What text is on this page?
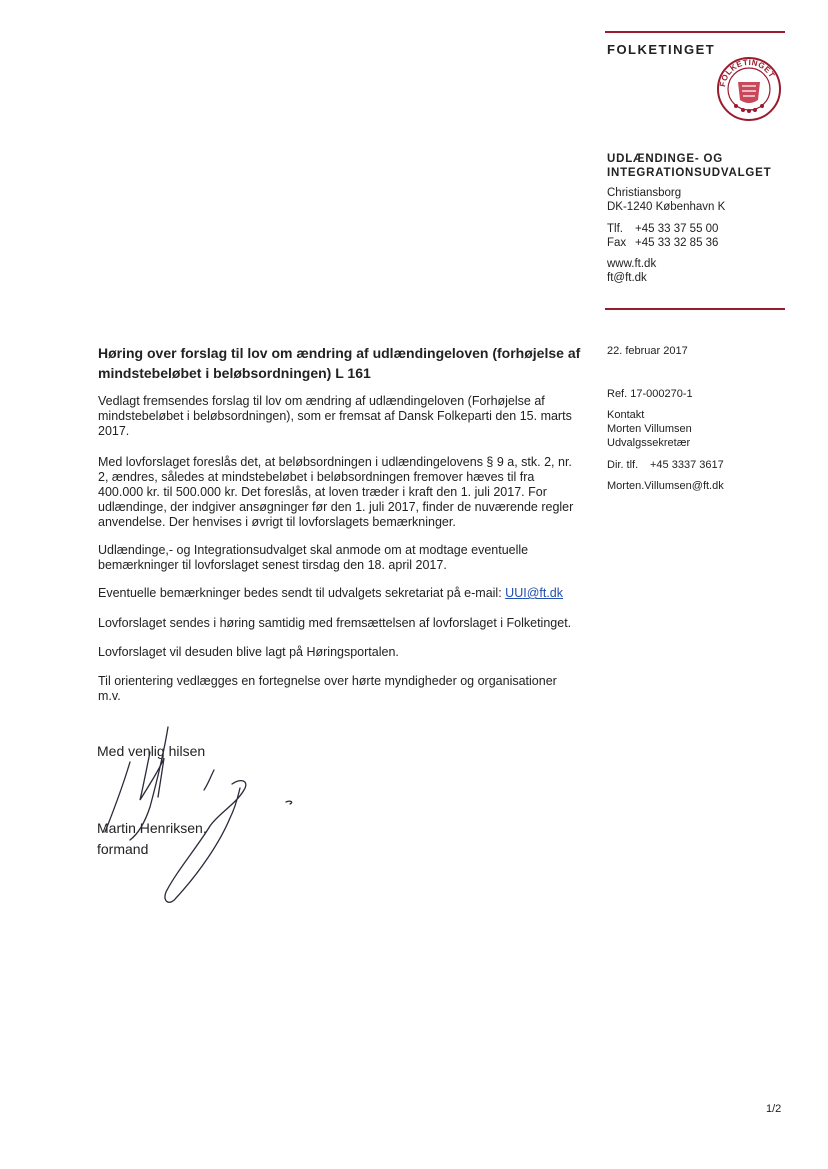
FOLKETINGET
FOLKETINGET
UDLÆNDINGE- OG
INTEGRATIONSUDVALGET
Christiansborg
DK-1240 København K
Tlf. +45 33 37 55 00
Fax +45 33 32 85 36
www.ft.dk
ft@ft.dk
22. februar 2017
Ref. 17-000270-1
Kontakt
Morten Villumsen
Udvalgssekretær
Dir. tlf. +45 3337 3617
Morten.Villumsen@ft.dk
Høring over forslag til lov om ændring af udlændingeloven (forhøjelse af mindstebeløbet i beløbsordningen) L 161

Vedlagt fremsendes forslag til lov om ændring af udlændingeloven (Forhøjelse af mindstebeløbet i beløbsordningen), som er fremsat af Dansk Folkeparti den 15. marts 2017.

Med lovforslaget foreslås det, at beløbsordningen i udlændingelovens § 9 a, stk. 2, nr. 2, ændres, således at mindstebeløbet i beløbsordningen fremover hæves til fra 400.000 kr. til 500.000 kr. Det foreslås, at loven træder i kraft den 1. juli 2017. For udlændinge, der indgiver ansøgninger før den 1. juli 2017, finder de nuværende regler anvendelse. Der henvises i øvrigt til lovforslagets bemærkninger.

Udlændinge,- og Integrationsudvalget skal anmode om at modtage eventuelle bemærkninger til lovforslaget senest tirsdag den 18. april 2017.

Eventuelle bemærkninger bedes sendt til udvalgets sekretariat på e-mail: UUI@ft.dk

Lovforslaget sendes i høring samtidig med fremsættelsen af lovforslaget i Folketinget.

Lovforslaget vil desuden blive lagt på Høringsportalen.

Til orientering vedlægges en fortegnelse over hørte myndigheder og organisationer m.v.

Med venlig hilsen
Martin Henriksen,
formand
1/2
